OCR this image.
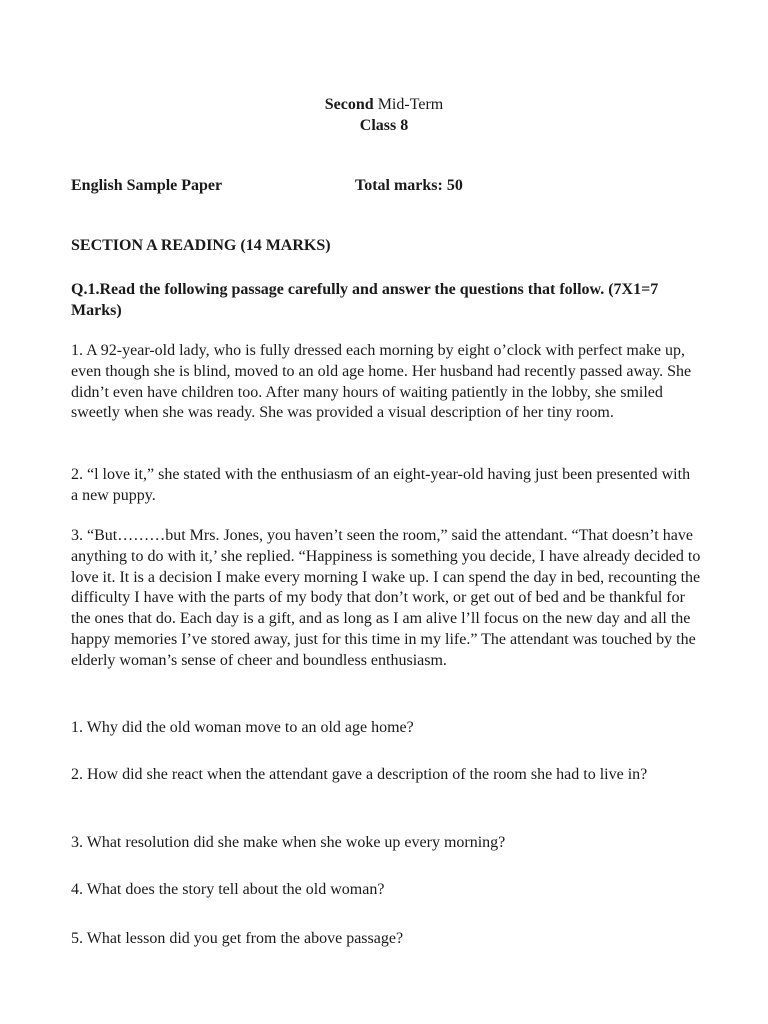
Second Mid-Term
Class 8
English Sample Paper	Total marks: 50
SECTION A READING (14 MARKS)
Q.1.Read the following passage carefully and answer the questions that follow. (7X1=7 Marks)
1. A 92-year-old lady, who is fully dressed each morning by eight o’clock with perfect make up, even though she is blind, moved to an old age home. Her husband had recently passed away. She didn’t even have children too. After many hours of waiting patiently in the lobby, she smiled sweetly when she was ready. She was provided a visual description of her tiny room.
2. “l love it,” she stated with the enthusiasm of an eight-year-old having just been presented with a new puppy.
3. “But………but Mrs. Jones, you haven’t seen the room,” said the attendant. “That doesn’t have anything to do with it,’ she replied. “Happiness is something you decide, I have already decided to love it. It is a decision I make every morning I wake up. I can spend the day in bed, recounting the difficulty I have with the parts of my body that don’t work, or get out of bed and be thankful for the ones that do. Each day is a gift, and as long as I am alive l’ll focus on the new day and all the happy memories I’ve stored away, just for this time in my life.” The attendant was touched by the elderly woman’s sense of cheer and boundless enthusiasm.
1. Why did the old woman move to an old age home?
2. How did she react when the attendant gave a description of the room she had to live in?
3. What resolution did she make when she woke up every morning?
4. What does the story tell about the old woman?
5. What lesson did you get from the above passage?
